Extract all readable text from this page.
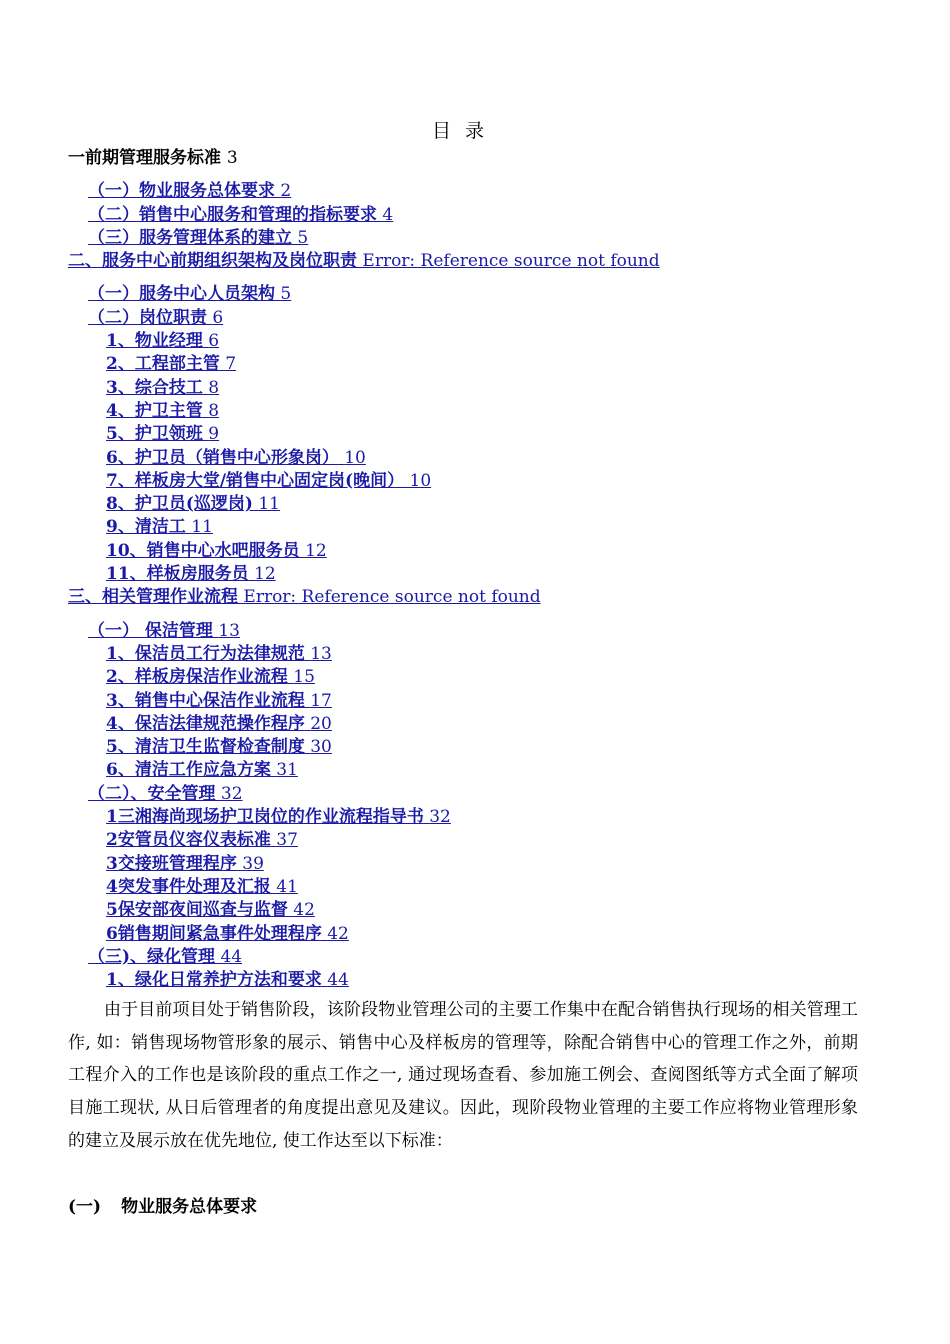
目录
一前期管理服务标准 3
（一）物业服务总体要求 2
（二）销售中心服务和管理的指标要求 4
（三）服务管理体系的建立 5
二、服务中心前期组织架构及岗位职责 Error: Reference source not found
（一）服务中心人员架构 5
（二）岗位职责 6
1、物业经理 6
2、工程部主管 7
3、综合技工 8
4、护卫主管 8
5、护卫领班 9
6、护卫员（销售中心形象岗） 10
7、样板房大堂/销售中心固定岗(晚间） 10
8、护卫员(巡逻岗) 11
9、清洁工 11
10、销售中心水吧服务员 12
11、样板房服务员 12
三、相关管理作业流程 Error: Reference source not found
（一） 保洁管理 13
1、保洁员工行为法律规范 13
2、样板房保洁作业流程 15
3、销售中心保洁作业流程 17
4、保洁法律规范操作程序 20
5、清洁卫生监督检查制度 30
6、清洁工作应急方案 31
（二）、安全管理 32
1三湘海尚现场护卫岗位的作业流程指导书 32
2安管员仪容仪表标准 37
3交接班管理程序 39
4突发事件处理及汇报 41
5保安部夜间巡查与监督 42
6销售期间紧急事件处理程序 42
（三)、绿化管理 44
1、绿化日常养护方法和要求 44

由于目前项目处于销售阶段，该阶段物业管理公司的主要工作集中在配合销售执行现场的相关管理工作, 如：销售现场物管形象的展示、销售中心及样板房的管理等，除配合销售中心的管理工作之外，前期工程介入的工作也是该阶段的重点工作之一, 通过现场查看、参加施工例会、查阅图纸等方式全面了解项目施工现状, 从日后管理者的角度提出意见及建议。因此，现阶段物业管理的主要工作应将物业管理形象的建立及展示放在优先地位, 使工作达至以下标准：

(一) 物业服务总体要求
